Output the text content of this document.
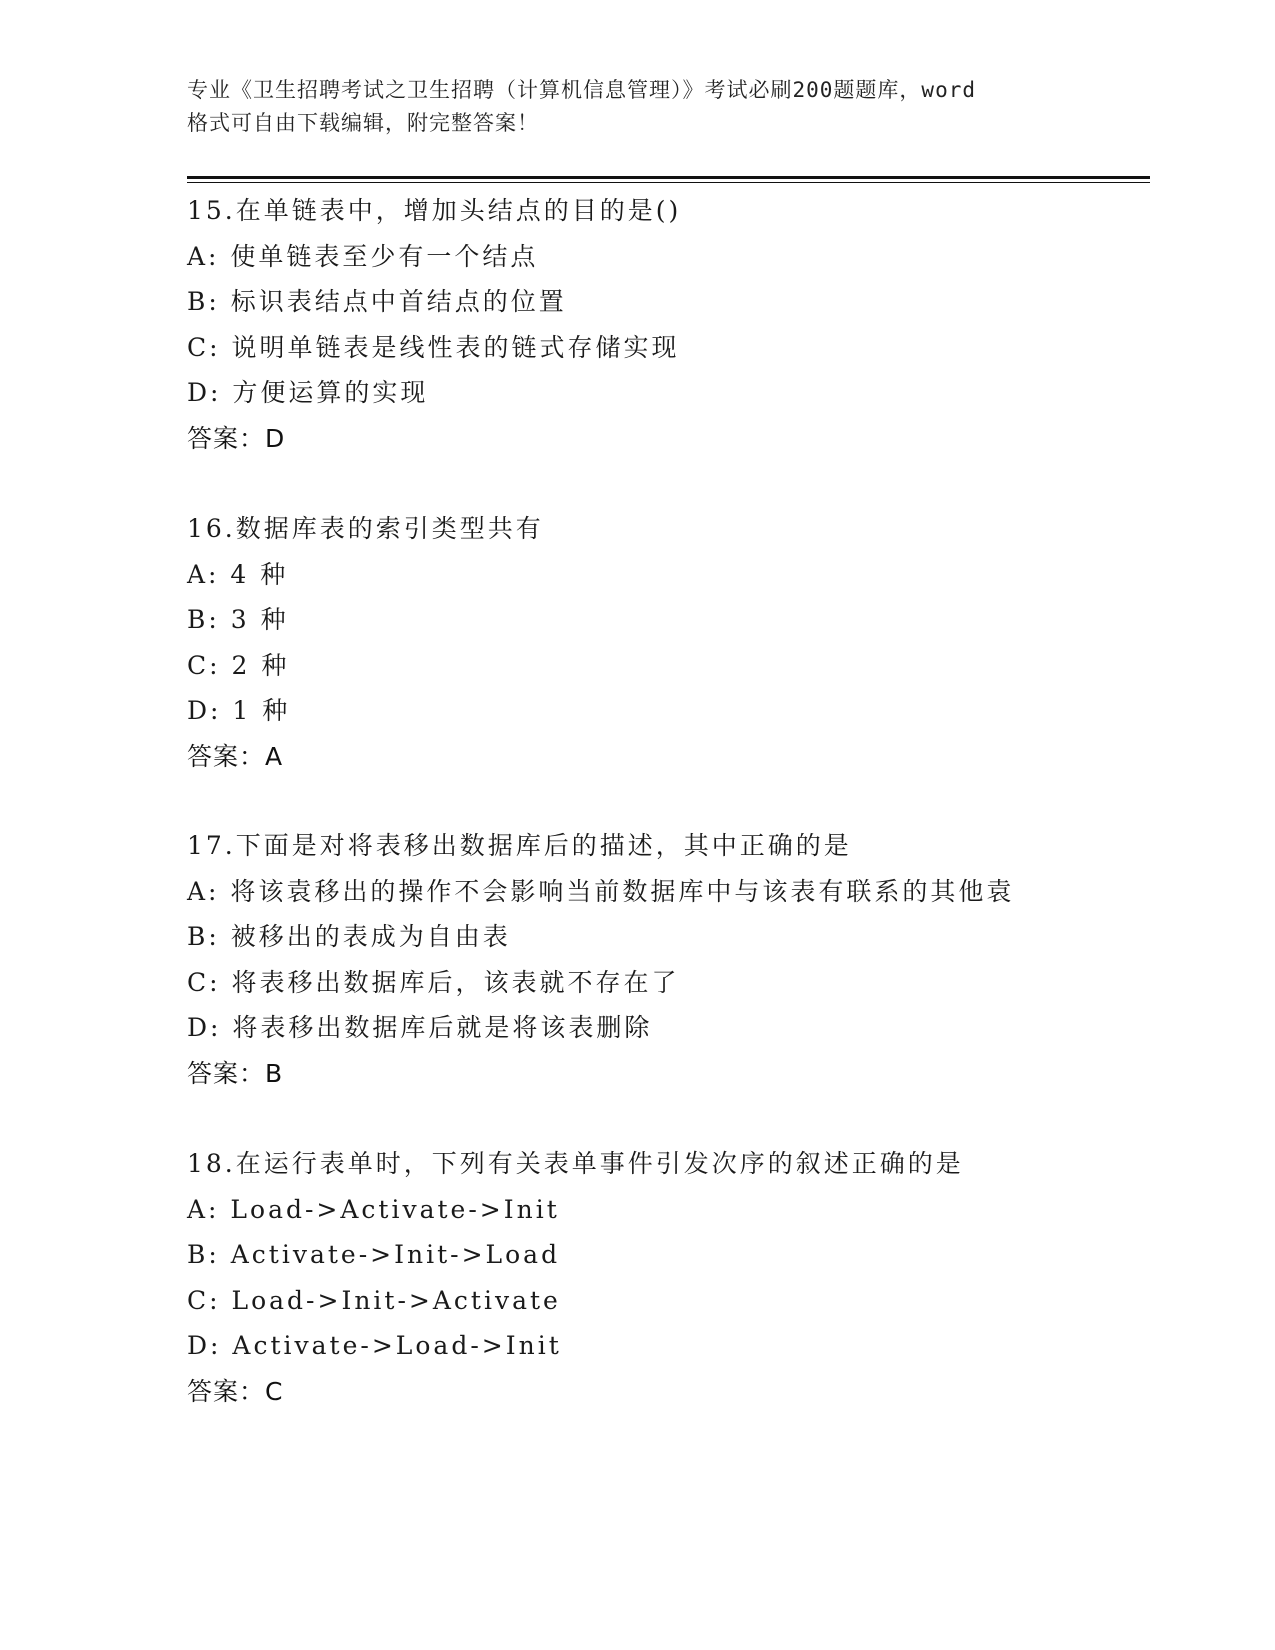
专业《卫生招聘考试之卫生招聘（计算机信息管理）》考试必刷200题题库，word
格式可自由下载编辑，附完整答案！
15.在单链表中，增加头结点的目的是()
A: 使单链表至少有一个结点
B: 标识表结点中首结点的位置
C: 说明单链表是线性表的链式存储实现
D: 方便运算的实现
答案：D
16.数据库表的索引类型共有
A: 4 种
B: 3 种
C: 2 种
D: 1 种
答案：A
17.下面是对将表移出数据库后的描述，其中正确的是
A: 将该袁移出的操作不会影响当前数据库中与该表有联系的其他袁
B: 被移出的表成为自由表
C: 将表移出数据库后，该表就不存在了
D: 将表移出数据库后就是将该表删除
答案：B
18.在运行表单时，下列有关表单事件引发次序的叙述正确的是
A: Load->Activate->Init
B: Activate->Init->Load
C: Load->Init->Activate
D: Activate->Load->Init
答案：C
